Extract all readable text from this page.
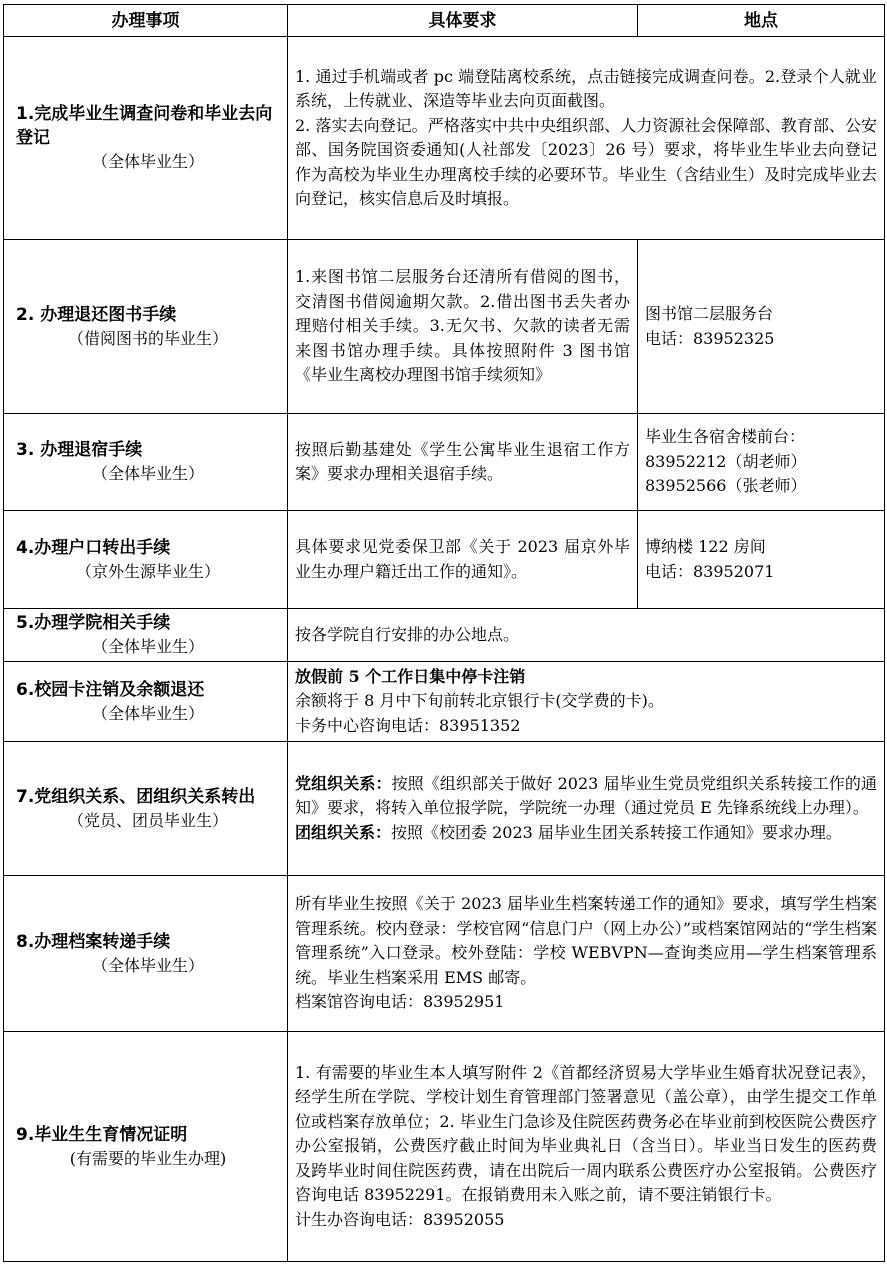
办理事项	具体要求	地点

1.完成毕业生调查问卷和毕业去向登记
（全体毕业生）	1. 通过手机端或者 pc 端登陆离校系统，点击链接完成调查问卷。2.登录个人就业系统，上传就业、深造等毕业去向页面截图。
2. 落实去向登记。严格落实中共中央组织部、人力资源社会保障部、教育部、公安部、国务院国资委通知(人社部发〔2023〕26 号）要求，将毕业生毕业去向登记作为高校为毕业生办理离校手续的必要环节。毕业生（含结业生）及时完成毕业去向登记，核实信息后及时填报。	

2. 办理退还图书手续
（借阅图书的毕业生）	1.来图书馆二层服务台还清所有借阅的图书，交清图书借阅逾期欠款。2.借出图书丢失者办理赔付相关手续。3.无欠书、欠款的读者无需来图书馆办理手续。具体按照附件 3 图书馆《毕业生离校办理图书馆手续须知》	图书馆二层服务台
电话：83952325

3. 办理退宿手续
（全体毕业生）	按照后勤基建处《学生公寓毕业生退宿工作方案》要求办理相关退宿手续。	毕业生各宿舍楼前台：
83952212（胡老师）
83952566（张老师）

4.办理户口转出手续
（京外生源毕业生）	具体要求见党委保卫部《关于 2023 届京外毕业生办理户籍迁出工作的通知》。	博纳楼 122 房间
电话：83952071

5.办理学院相关手续
（全体毕业生）	按各学院自行安排的办公地点。	

6.校园卡注销及余额退还
（全体毕业生）	放假前 5 个工作日集中停卡注销
余额将于 8 月中下旬前转北京银行卡(交学费的卡)。
卡务中心咨询电话：83951352	

7.党组织关系、团组织关系转出
（党员、团员毕业生）	党组织关系：按照《组织部关于做好 2023 届毕业生党员党组织关系转接工作的通知》要求，将转入单位报学院，学院统一办理（通过党员 E 先锋系统线上办理）。
团组织关系：按照《校团委 2023 届毕业生团关系转接工作通知》要求办理。	

8.办理档案转递手续
（全体毕业生）	所有毕业生按照《关于 2023 届毕业生档案转递工作的通知》要求，填写学生档案管理系统。校内登录：学校官网“信息门户（网上办公）”或档案馆网站的“学生档案管理系统”入口登录。校外登陆：学校 WEBVPN—查询类应用—学生档案管理系统。毕业生档案采用 EMS 邮寄。
档案馆咨询电话：83952951	

9.毕业生生育情况证明
(有需要的毕业生办理)	1. 有需要的毕业生本人填写附件 2《首都经济贸易大学毕业生婚育状况登记表》，经学生所在学院、学校计划生育管理部门签署意见（盖公章），由学生提交工作单位或档案存放单位；2. 毕业生门急诊及住院医药费务必在毕业前到校医院公费医疗办公室报销，公费医疗截止时间为毕业典礼日（含当日）。毕业当日发生的医药费及跨毕业时间住院医药费，请在出院后一周内联系公费医疗办公室报销。公费医疗咨询电话 83952291。在报销费用未入账之前，请不要注销银行卡。
计生办咨询电话：83952055	
